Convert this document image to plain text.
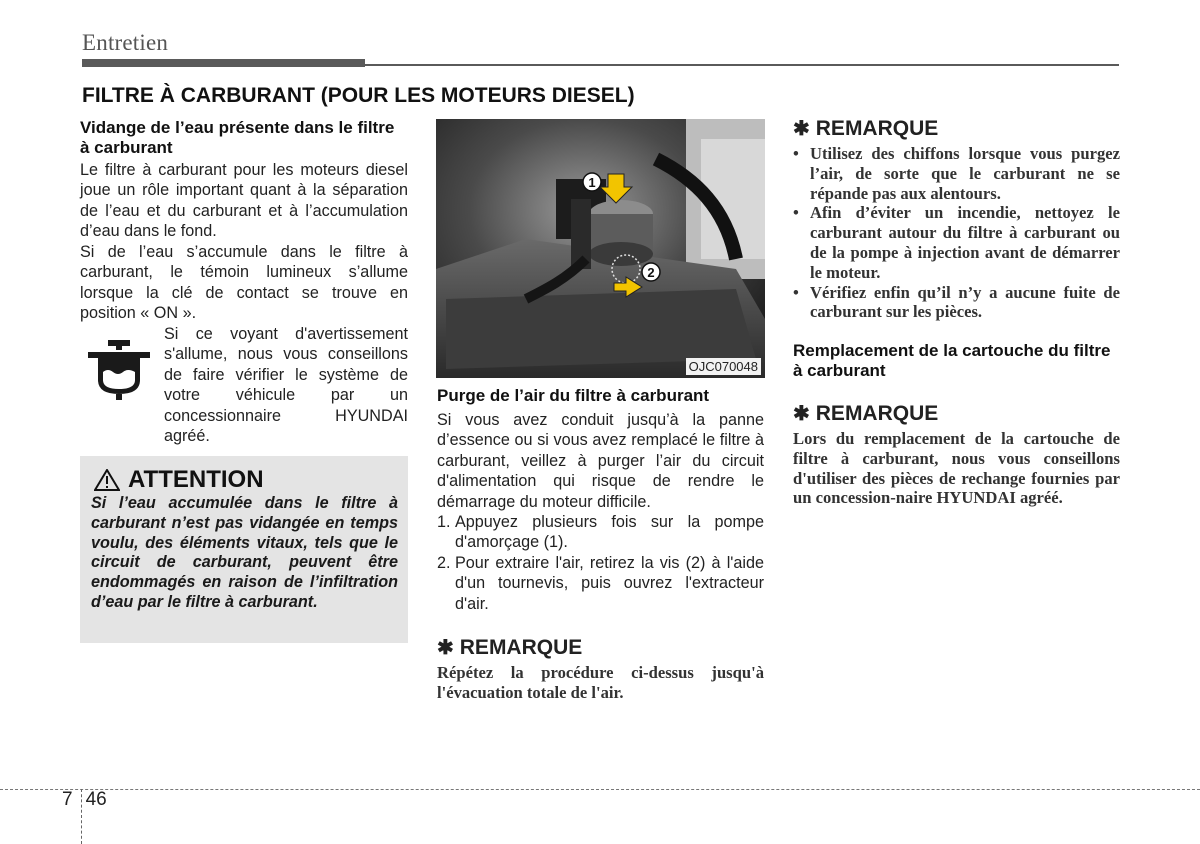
Entretien
FILTRE À CARBURANT (POUR LES MOTEURS DIESEL)
Vidange de l’eau présente dans le filtre à carburant
Le filtre à carburant pour les moteurs diesel joue un rôle important quant à la séparation de l’eau et du carburant et à l’accumulation d’eau dans le fond.
Si de l’eau s’accumule dans le filtre à carburant, le témoin lumineux s’allume lorsque la clé de contact se trouve en position « ON ».
Si ce voyant d'avertissement s'allume, nous vous conseillons de faire vérifier le système de votre véhicule par un concessionnaire HYUNDAI agréé.
ATTENTION
Si l’eau accumulée dans le filtre à carburant n’est pas vidangée en temps voulu, des éléments vitaux, tels que le circuit de carburant, peuvent être endommagés en raison de l’infiltration d’eau par le filtre à carburant.
1
2
OJC070048
Purge de l’air du filtre à carburant
Si vous avez conduit jusqu’à la panne d’essence ou si vous avez remplacé le filtre à carburant, veillez à purger l’air du circuit d'alimentation qui risque de rendre le démarrage du moteur difficile.
1. Appuyez plusieurs fois sur la pompe d'amorçage (1).
2. Pour extraire l'air, retirez la vis (2) à l'aide d'un tournevis, puis ouvrez l'extracteur d'air.
✱ REMARQUE
Répétez la procédure ci-dessus jusqu'à l'évacuation totale de l'air.
✱ REMARQUE
• Utilisez des chiffons lorsque vous purgez l’air, de sorte que le carburant ne se répande pas aux alentours.
• Afin d’éviter un incendie, nettoyez le carburant autour du filtre à carburant ou de la pompe à injection avant de démarrer le moteur.
• Vérifiez enfin qu’il n’y a aucune fuite de carburant sur les pièces.
Remplacement de la cartouche du filtre à carburant
✱ REMARQUE
Lors du remplacement de la cartouche de filtre à carburant, nous vous conseillons d'utiliser des pièces de rechange fournies par un concession-naire HYUNDAI agréé.
7 46
